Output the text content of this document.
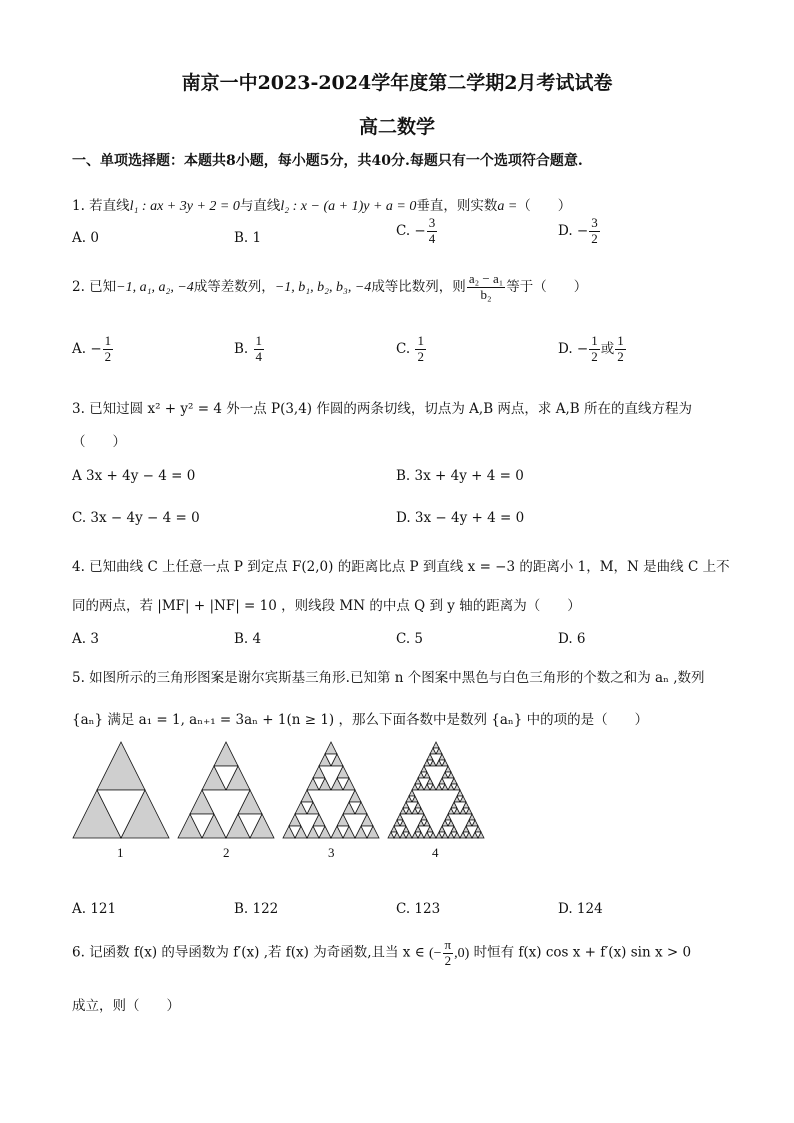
南京一中2023-2024学年度第二学期2月考试试卷
高二数学
一、单项选择题：本题共8小题，每小题5分，共40分.每题只有一个选项符合题意.
1. 若直线l₁ : ax + 3y + 2 = 0与直线l₂ : x − (a + 1)y + a = 0垂直，则实数a =（　　）
A. 0	B. 1	C. − $\frac{3}{4}$	D. − $\frac{3}{2}$
2. 已知−1, a₁, a₂, −4成等差数列，−1, b₁, b₂, b₃, −4成等比数列，则 $\frac{\text{a₂ − a₁}}{\text{b₂}}$ 等于（　　）
A. − $\frac{1}{2}$	B. $\frac{1}{4}$	C. $\frac{1}{2}$	D. − $\frac{1}{2}$ 或 $\frac{1}{2}$
3. 已知过圆 x² + y² = 4 外一点 P(3,4) 作圆的两条切线，切点为 A,B 两点，求 A,B 所在的直线方程为
（　　）
A 3x + 4y − 4 = 0	B. 3x + 4y + 4 = 0
C. 3x − 4y − 4 = 0	D. 3x − 4y + 4 = 0
4. 已知曲线 C 上任意一点 P 到定点 F(2,0) 的距离比点 P 到直线 x = −3 的距离小 1，M，N 是曲线 C 上不
同的两点，若 |MF| + |NF| = 10 ，则线段 MN 的中点 Q 到 y 轴的距离为（　　）
A. 3	B. 4	C. 5	D. 6
5. 如图所示的三角形图案是谢尔宾斯基三角形.已知第 n 个图案中黑色与白色三角形的个数之和为 aₙ ,数列
{aₙ} 满足 a₁ = 1, aₙ₊₁ = 3aₙ + 1(n ≥ 1) ，那么下面各数中是数列 {aₙ} 中的项的是（　　）
1	2	3	4
A. 121	B. 122	C. 123	D. 124
6. 记函数 f(x) 的导函数为 f′(x) ,若 f(x) 为奇函数,且当 x ∈ (− $\frac{\pi}{2} ,0$) 时恒有 f(x) cos x + f′(x) sin x > 0
成立，则（　　）
